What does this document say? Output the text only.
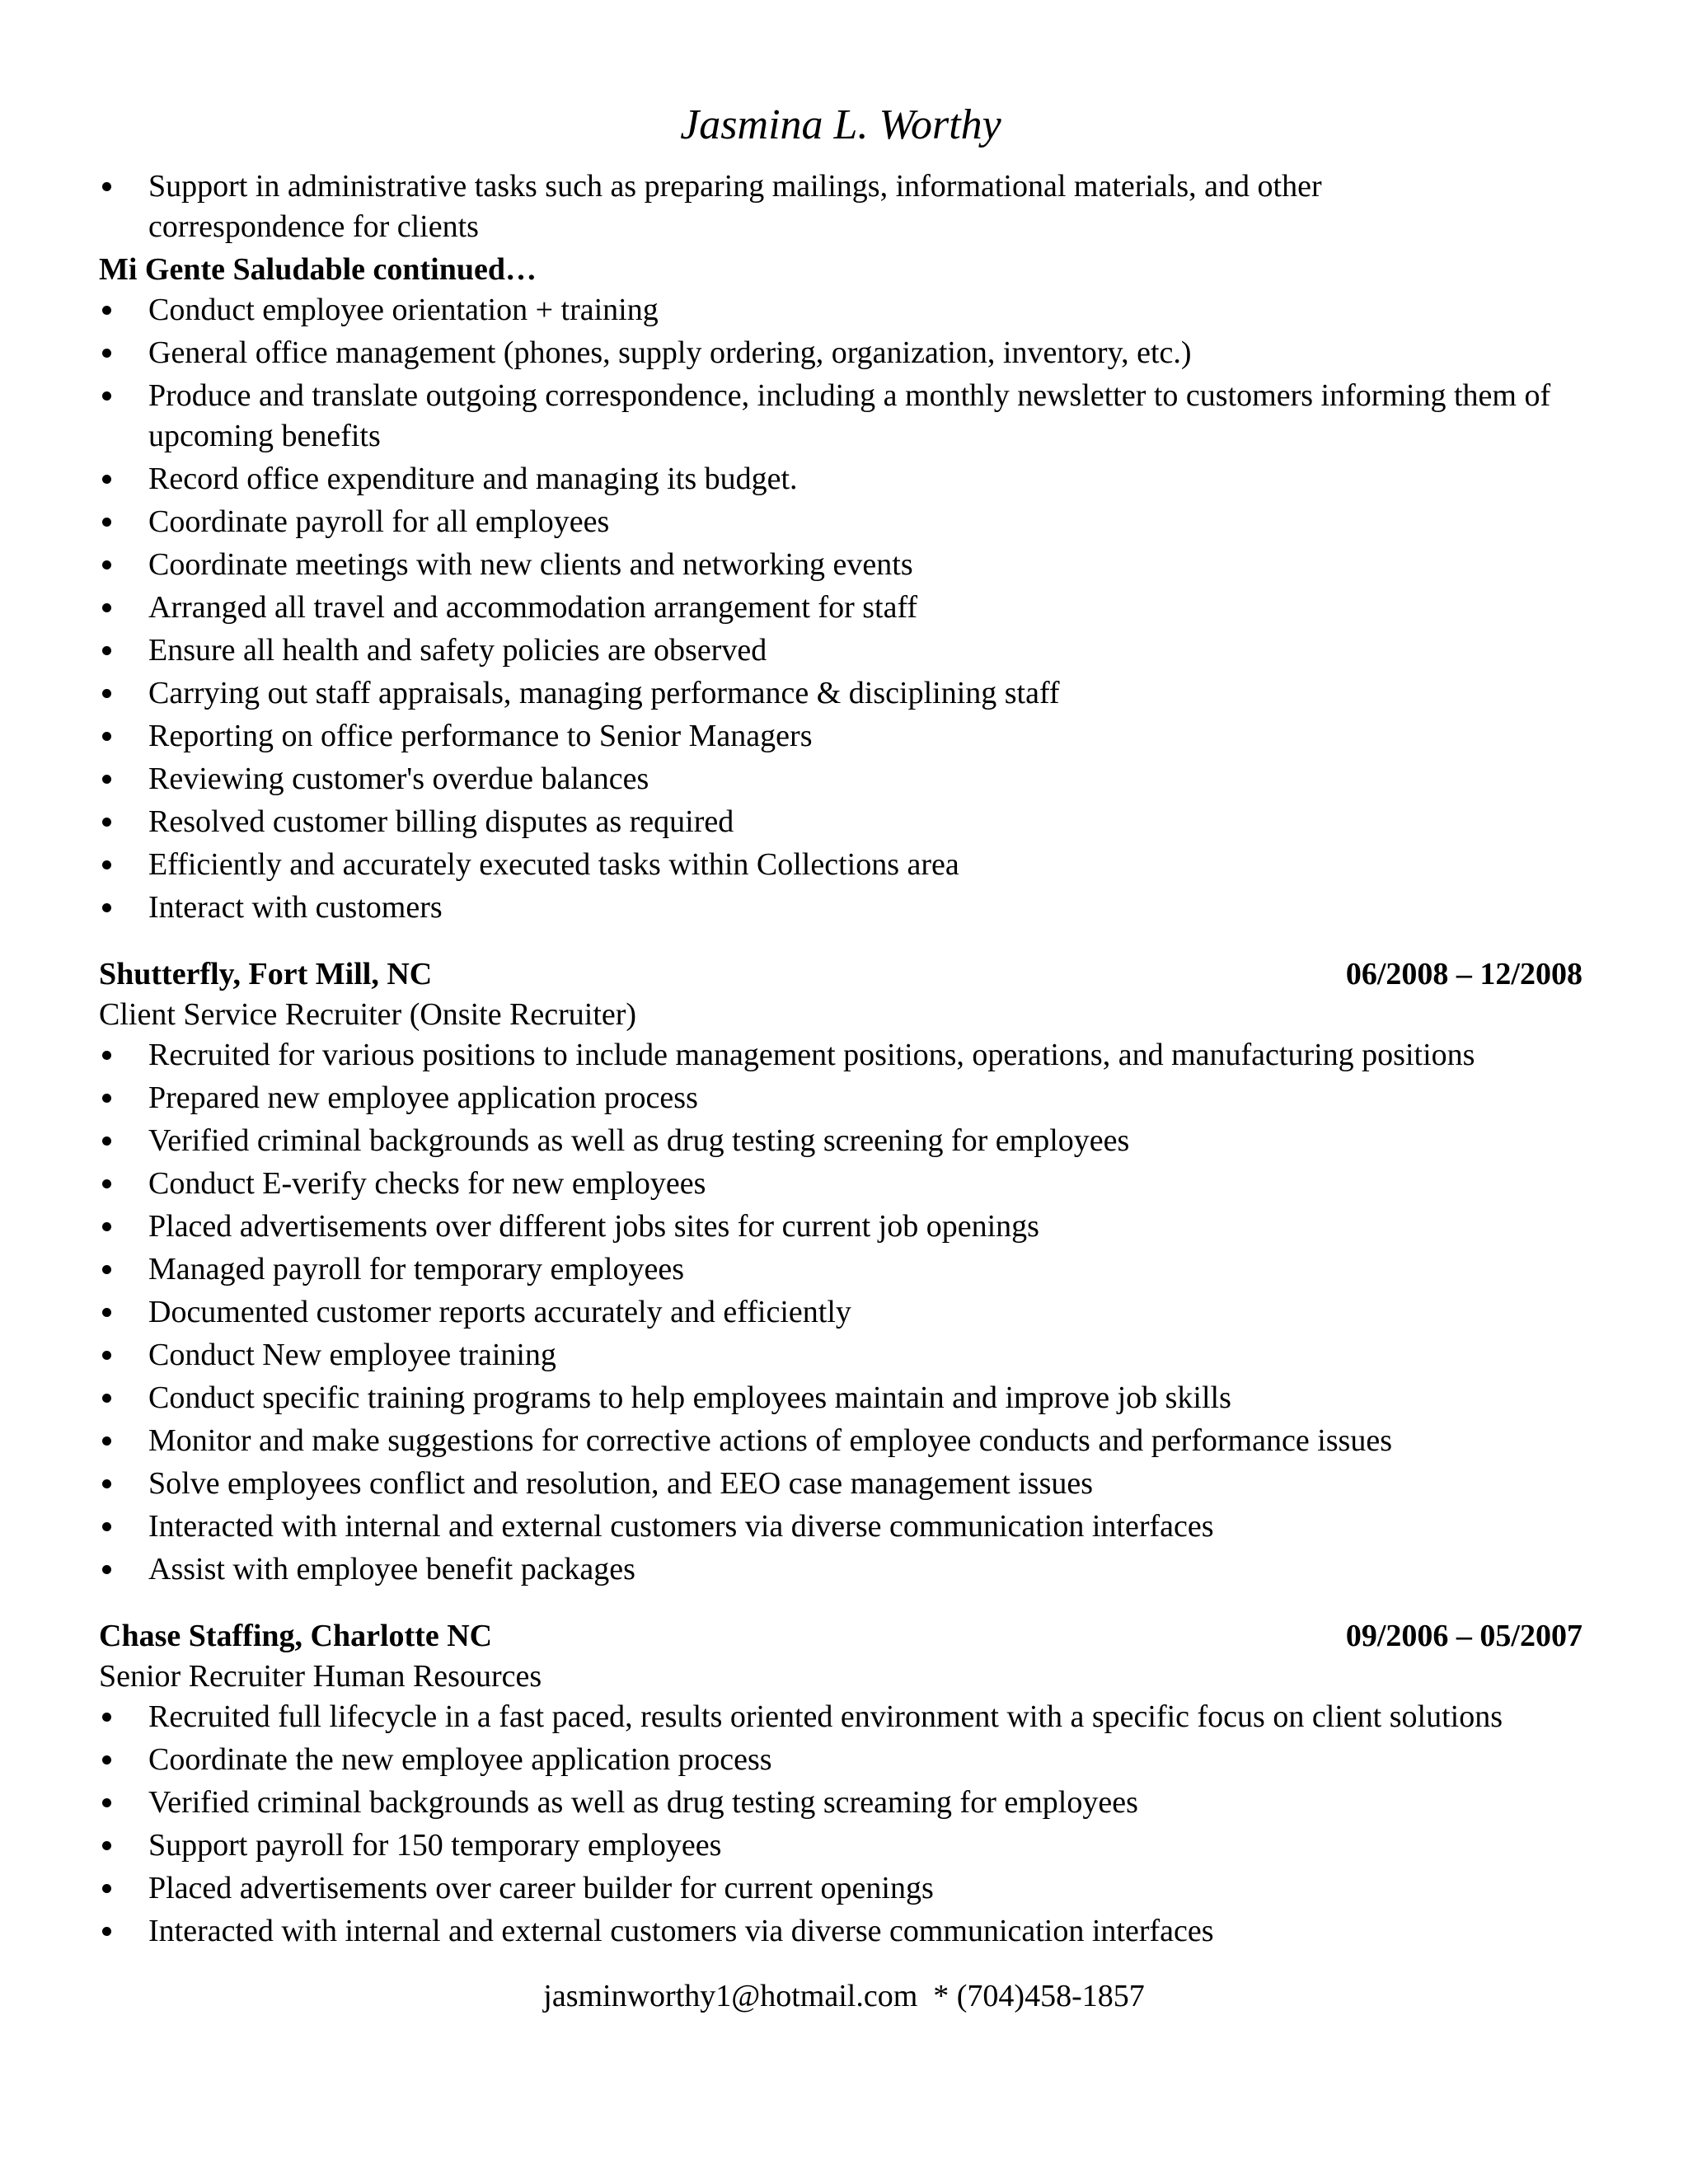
Jasmina L. Worthy
Support in administrative tasks such as preparing mailings, informational materials, and other correspondence for clients
Mi Gente Saludable continued…
Conduct employee orientation + training
General office management (phones, supply ordering, organization, inventory, etc.)
Produce and translate outgoing correspondence, including a monthly newsletter to customers informing them of upcoming benefits
Record office expenditure and managing its budget.
Coordinate payroll for all employees
Coordinate meetings with new clients and networking events
Arranged all travel and accommodation arrangement for staff
Ensure all health and safety policies are observed
Carrying out staff appraisals, managing performance & disciplining staff
Reporting on office performance to Senior Managers
Reviewing customer's overdue balances
Resolved customer billing disputes as required
Efficiently and accurately executed tasks within Collections area
Interact with customers
Shutterfly, Fort Mill, NC	06/2008 – 12/2008
Client Service Recruiter (Onsite Recruiter)
Recruited for various positions to include management positions, operations, and manufacturing positions
Prepared new employee application process
Verified criminal backgrounds as well as drug testing screening for employees
Conduct E-verify checks for new employees
Placed advertisements over different jobs sites for current job openings
Managed payroll for temporary employees
Documented customer reports accurately and efficiently
Conduct New employee training
Conduct specific training programs to help employees maintain and improve job skills
Monitor and make suggestions for corrective actions of employee conducts and performance issues
Solve employees conflict and resolution, and EEO case management issues
Interacted with internal and external customers via diverse communication interfaces
Assist with employee benefit packages
Chase Staffing, Charlotte NC	09/2006 – 05/2007
Senior Recruiter Human Resources
Recruited full lifecycle in a fast paced, results oriented environment with a specific focus on client solutions
Coordinate the new employee application process
Verified criminal backgrounds as well as drug testing screaming for employees
Support payroll for 150 temporary employees
Placed advertisements over career builder for current openings
Interacted with internal and external customers via diverse communication interfaces
jasminworthy1@hotmail.com  * (704)458-1857
